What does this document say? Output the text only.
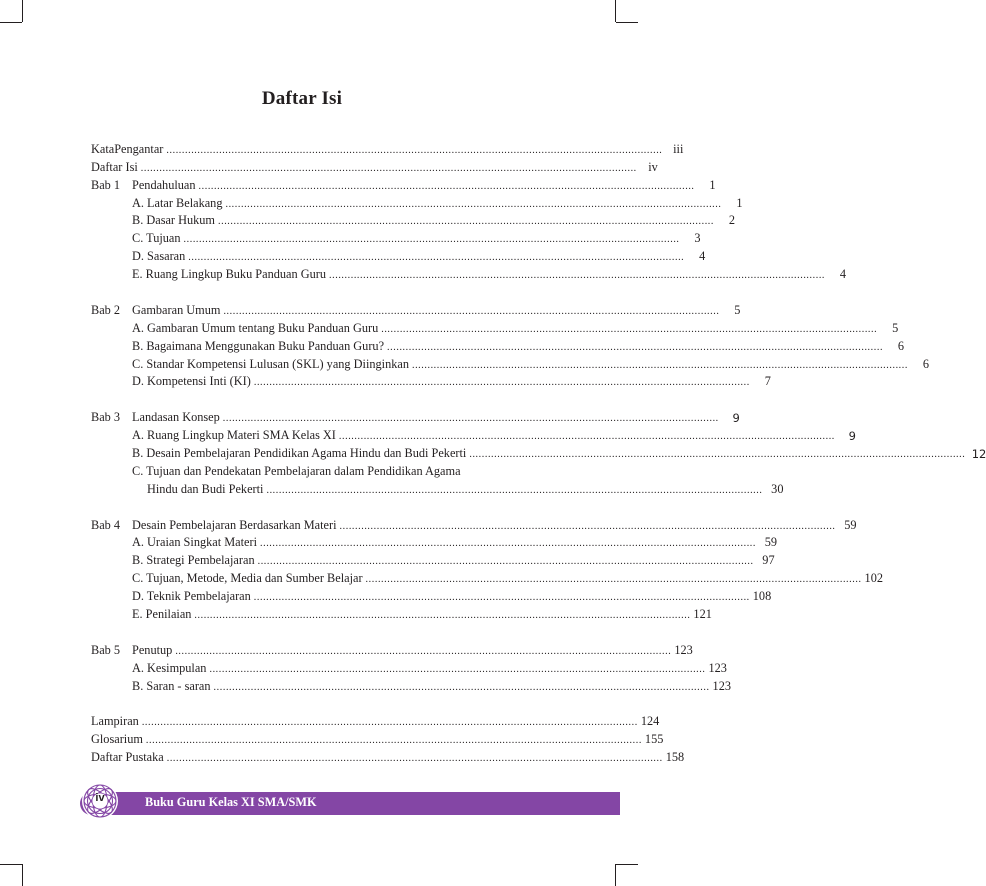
Daftar Isi
KataPengantar ................................................................................................................................................................ iii
Daftar Isi ................................................................................................................................................................ iv
Bab 1 Pendahuluan ................................................................................................................................................................	1
A. Latar Belakang ................................................................................................................................................................	1
B. Dasar Hukum ................................................................................................................................................................	2
C. Tujuan ................................................................................................................................................................	3
D. Sasaran ................................................................................................................................................................	4
E. Ruang Lingkup Buku Panduan Guru ................................................................................................................................................................	4
Bab 2 Gambaran Umum ................................................................................................................................................................	5
A. Gambaran Umum tentang Buku Panduan Guru ................................................................................................................................................................	5
B. Bagaimana Menggunakan Buku Panduan Guru? ................................................................................................................................................................	6
C. Standar Kompetensi Lulusan (SKL) yang Diinginkan ................................................................................................................................................................	6
D. Kompetensi Inti (KI) ................................................................................................................................................................	7
Bab 3 Landasan Konsep ................................................................................................................................................................	9
A. Ruang Lingkup Materi SMA Kelas XI ................................................................................................................................................................	9
B. Desain Pembelajaran Pendidikan Agama Hindu dan Budi Pekerti ................................................................................................................................................................ 12
C. Tujuan dan Pendekatan Pembelajaran dalam Pendidikan Agama
Hindu dan Budi Pekerti ................................................................................................................................................................ 30
Bab 4 Desain Pembelajaran Berdasarkan Materi ................................................................................................................................................................ 59
A. Uraian Singkat Materi ................................................................................................................................................................ 59
B. Strategi Pembelajaran ................................................................................................................................................................ 97
C. Tujuan, Metode, Media dan Sumber Belajar ................................................................................................................................................................ 102
D. Teknik Pembelajaran ................................................................................................................................................................ 108
E. Penilaian ................................................................................................................................................................ 121
Bab 5 Penutup ................................................................................................................................................................ 123
A. Kesimpulan ................................................................................................................................................................ 123
B. Saran - saran ................................................................................................................................................................ 123
Lampiran ................................................................................................................................................................ 124
Glosarium ................................................................................................................................................................ 155
Daftar Pustaka ................................................................................................................................................................ 158
Buku Guru Kelas XI SMA/SMK
iv
